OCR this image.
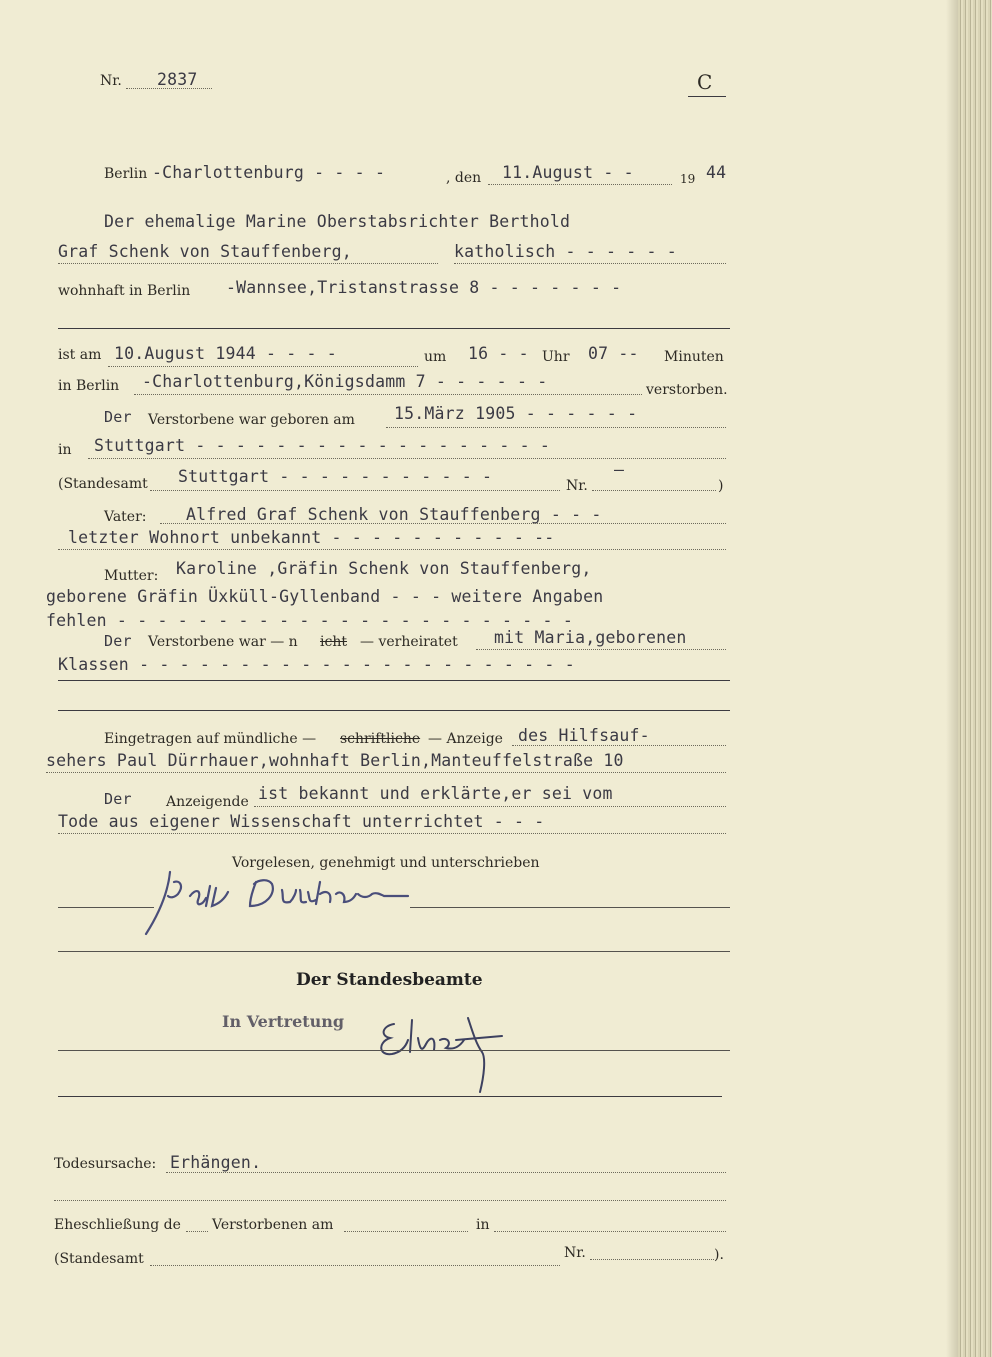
Nr. 2837	C
Berlin -Charlottenburg - - - -	, den 11.August - -	19 44
Der ehemalige Marine Oberstabsrichter Berthold
Graf Schenk von Stauffenberg,	katholisch - - - - - -
wohnhaft in Berlin -Wannsee,Tristanstrasse 8 - - - - - - -
ist am 10.August 1944 - - - -	um 16 - - Uhr 07 -- Minuten
in Berlin -Charlottenburg,Königsdamm 7 - - - - - -	verstorben.
Der Verstorbene war geboren am 15.März 1905 - - - - - -
in Stuttgart - - - - - - - - - - - - - - - - - -
(Standesamt Stuttgart - - - - - - - - - - -	Nr.
—
)
Vater: Alfred Graf Schenk von Stauffenberg - - -
letzter Wohnort unbekannt - - - - - - - - - - --
Mutter: Karoline ,Gräfin Schenk von Stauffenberg,
geborene Gräfin Üxküll-Gyllenband - - - weitere Angaben
fehlen - - - - - - - - - - - - - - - - - - - - - - -
Der Verstorbene war — n icht — verheiratet mit Maria,geborenen
Klassen - - - - - - - - - - - - - - - - - - - - - -
Eingetragen auf mündliche — schriftliche — Anzeige des Hilfsauf-
sehers Paul Dürrhauer,wohnhaft Berlin,Manteuffelstraße 10
Der Anzeigende ist bekannt und erklärte,er sei vom
Tode aus eigener Wissenschaft unterrichtet - - -
Vorgelesen, genehmigt und unterschrieben
Der Standesbeamte
In Vertretung
Todesursache: Erhängen.
Eheschließung de Verstorbenen am	in
(Standesamt	Nr.	).
